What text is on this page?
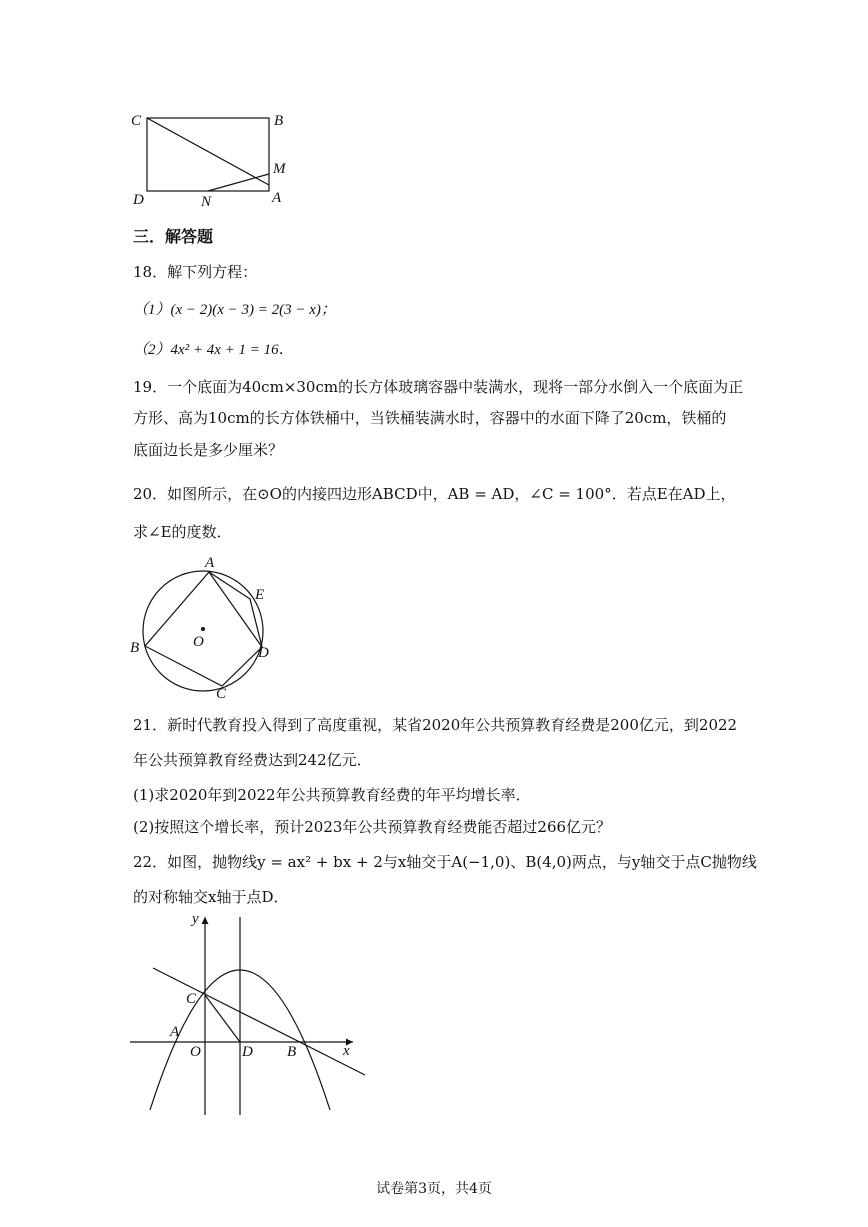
C	B
M
D	N	A
三．解答题
18．解下列方程：
（1）(x − 2)(x − 3) = 2(3 − x)；
（2）4x² + 4x + 1 = 16．
19．一个底面为40cm×30cm的长方体玻璃容器中装满水，现将一部分水倒入一个底面为正
方形、高为10cm的长方体铁桶中，当铁桶装满水时，容器中的水面下降了20cm，铁桶的
底面边长是多少厘米？
20．如图所示，在⊙O的内接四边形ABCD中，AB = AD，∠C = 100°．若点E在AD上，
求∠E的度数．
A
E
O
B	D
C
21．新时代教育投入得到了高度重视，某省2020年公共预算教育经费是200亿元，到2022
年公共预算教育经费达到242亿元．
(1)求2020年到2022年公共预算教育经费的年平均增长率．
(2)按照这个增长率，预计2023年公共预算教育经费能否超过266亿元？
22．如图，抛物线y = ax² + bx + 2与x轴交于A(−1,0)、B(4,0)两点，与y轴交于点C抛物线
的对称轴交x轴于点D．
y
x
C
A
O	D B
试卷第3页，共4页
